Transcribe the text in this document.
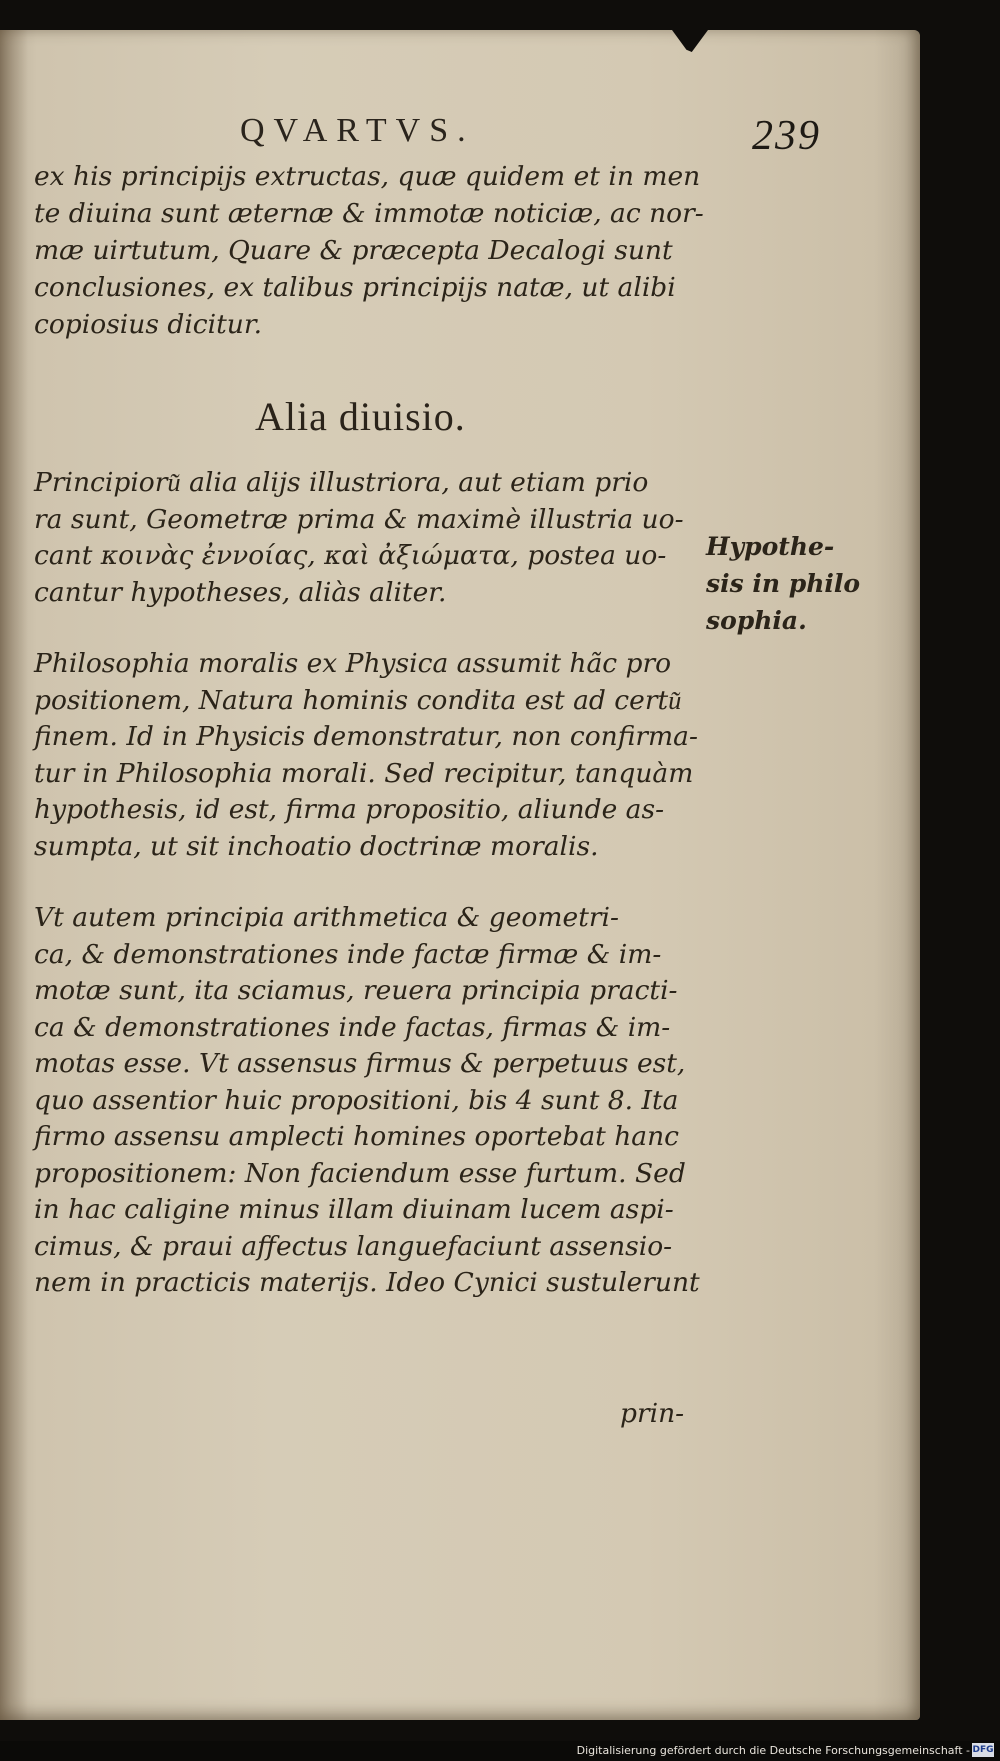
QVARTVS.	239
ex his principijs extructas, quæ quidem et in men
te diuina sunt æternæ & immotæ noticiæ, ac nor-
mæ uirtutum, Quare & præcepta Decalogi sunt
conclusiones, ex talibus principijs natæ, ut alibi
copiosius dicitur.
Alia diuisio.
Principioru͂ alia alijs illustriora, aut etiam prio
ra sunt, Geometræ prima & maximè illustria uo-
cant κοινὰς ἐννοίας, καὶ ἀξιώματα, postea uo-
cantur hypotheses, aliàs aliter.
Hypothe-
sis in philo
sophia.
Philosophia moralis ex Physica assumit hãc pro
positionem, Natura hominis condita est ad certu͂
finem. Id in Physicis demonstratur, non confirma-
tur in Philosophia morali. Sed recipitur, tanquàm
hypothesis, id est, firma propositio, aliunde as-
sumpta, ut sit inchoatio doctrinæ moralis.
Vt autem principia arithmetica & geometri-
ca, & demonstrationes inde factæ firmæ & im-
motæ sunt, ita sciamus, reuera principia practi-
ca & demonstrationes inde factas, firmas & im-
motas esse. Vt assensus firmus & perpetuus est,
quo assentior huic propositioni, bis 4 sunt 8. Ita
firmo assensu amplecti homines oportebat hanc
propositionem: Non faciendum esse furtum. Sed
in hac caligine minus illam diuinam lucem aspi-
cimus, & praui affectus languefaciunt assensio-
nem in practicis materijs. Ideo Cynici sustulerunt
prin-
Digitalisierung gefördert durch die Deutsche Forschungsgemeinschaft - DFG
